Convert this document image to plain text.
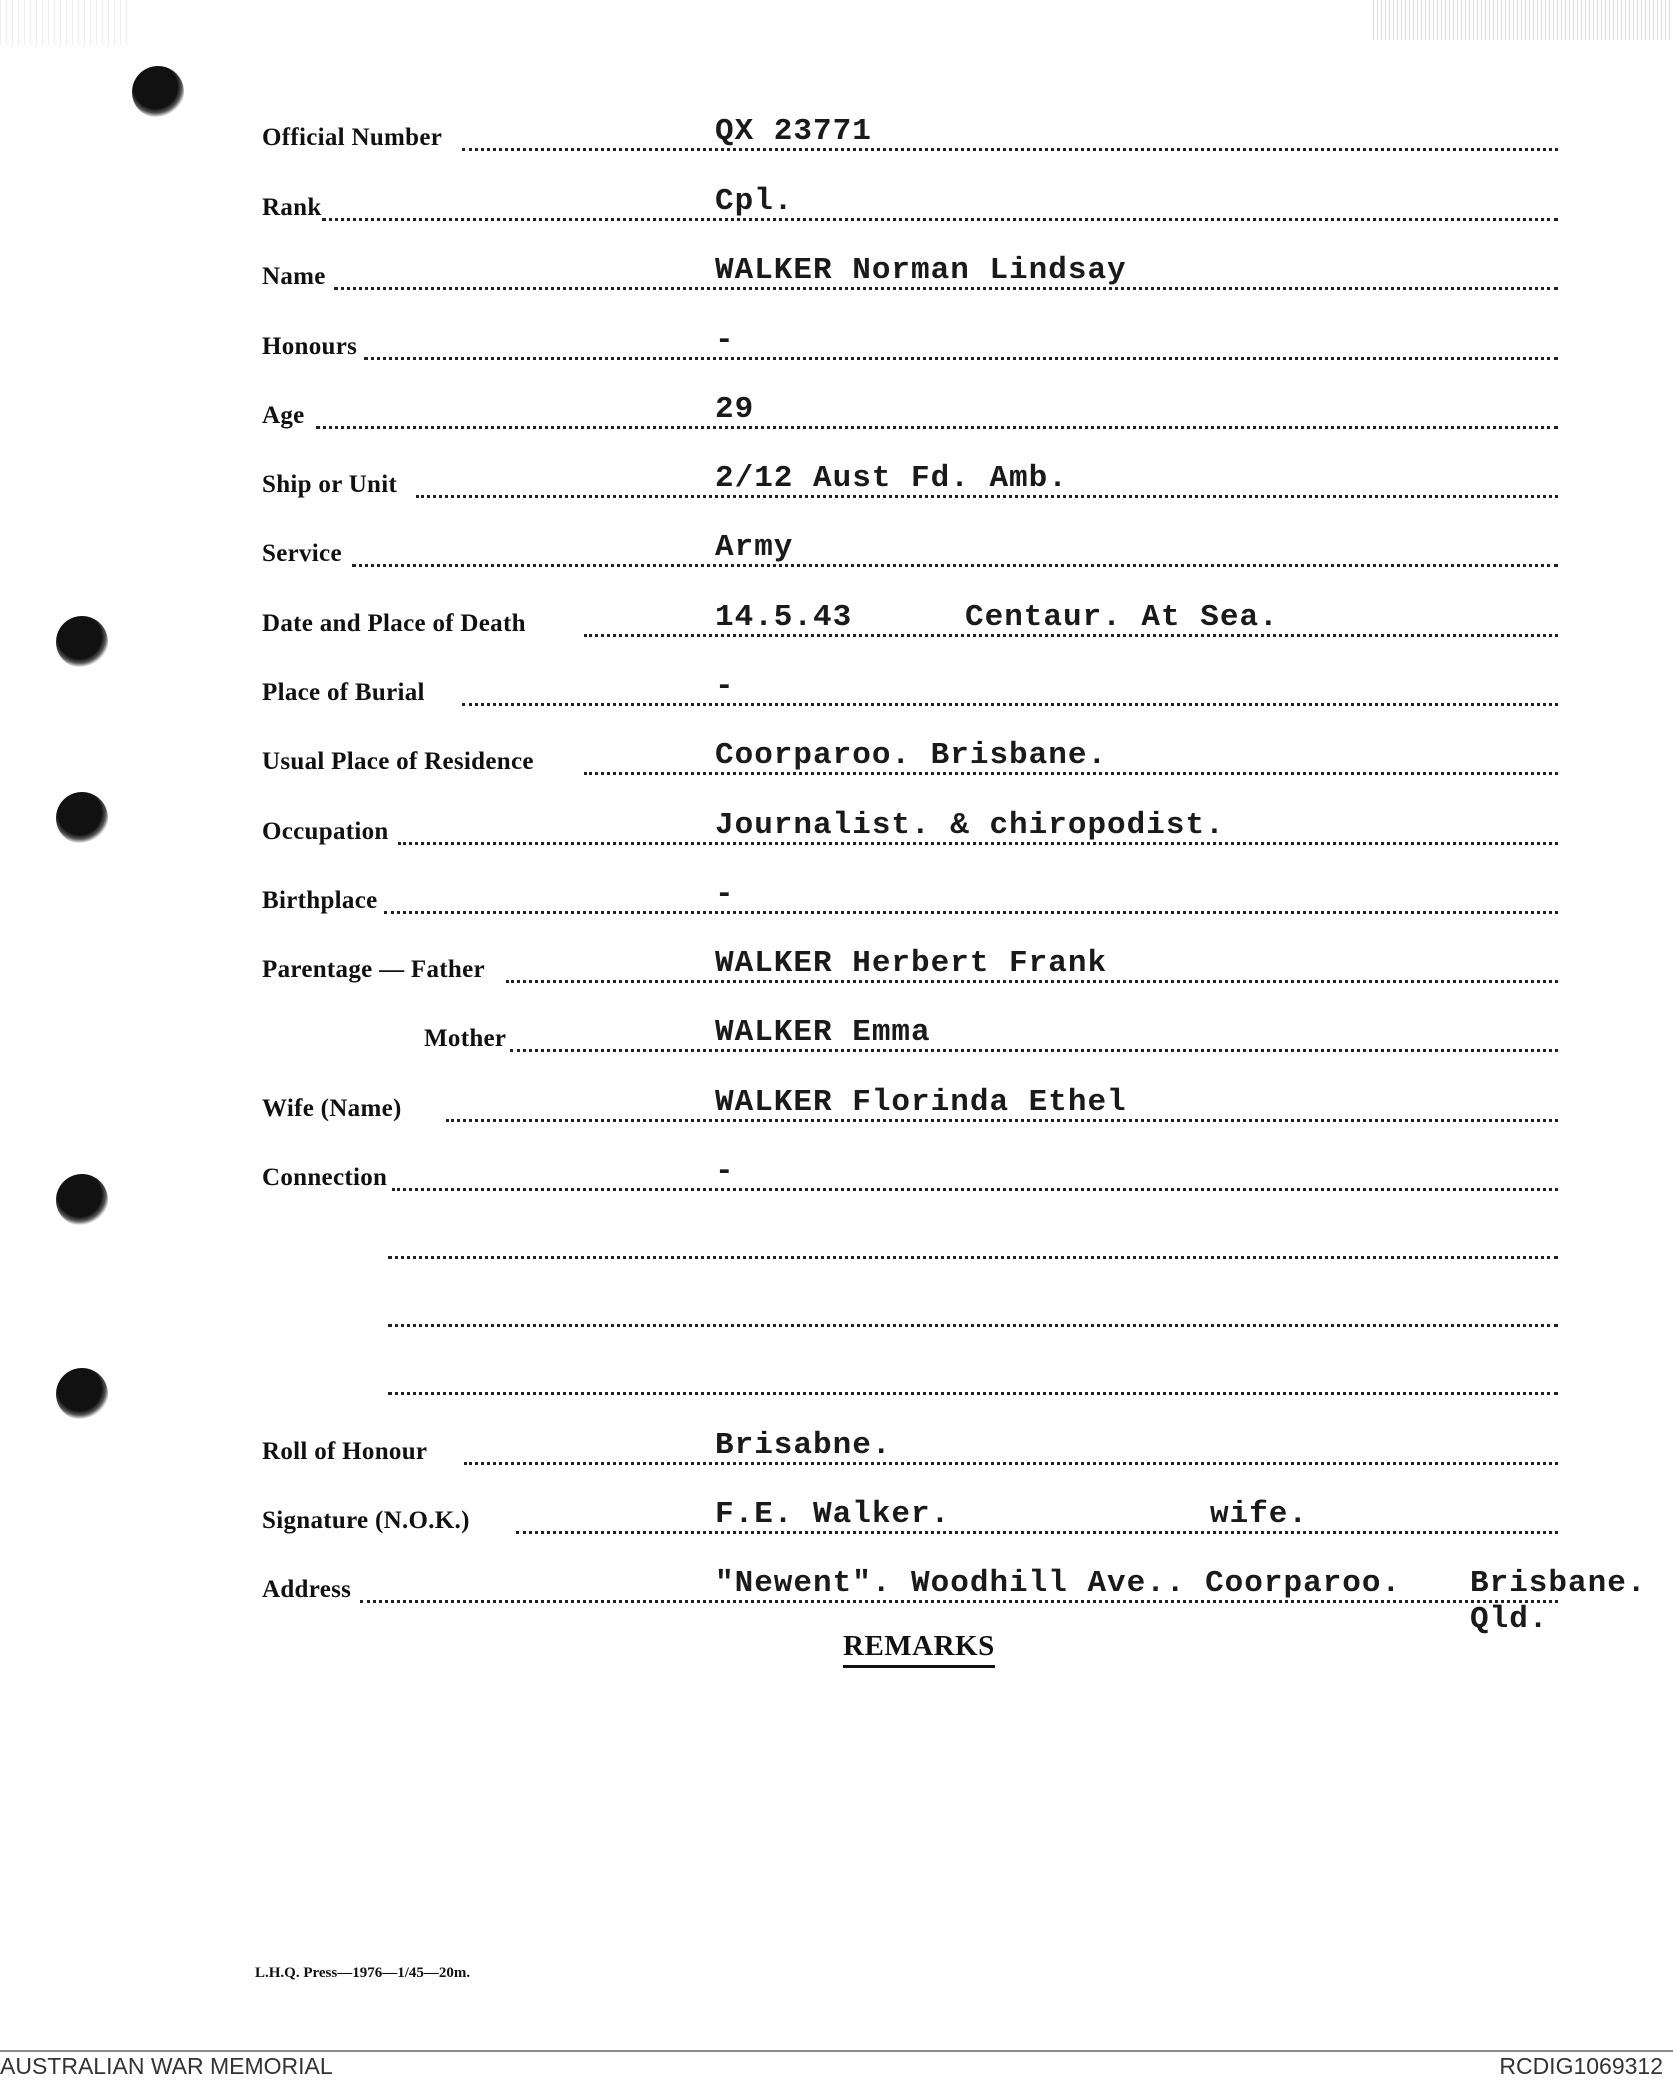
Official Number	QX 23771
Rank	Cpl.
Name	WALKER Norman Lindsay
Honours	-
Age	29
Ship or Unit	2/12 Aust Fd. Amb.
Service	Army
Date and Place of Death	14.5.43	Centaur. At Sea.
Place of Burial	-
Usual Place of Residence	Coorparoo. Brisbane.
Occupation	Journalist. & chiropodist.
Birthplace	-
Parentage — Father	WALKER Herbert Frank
Mother	WALKER Emma
Wife (Name)	WALKER Florinda Ethel
Connection	-
Roll of Honour	Brisabne.
Signature (N.O.K.)	F.E. Walker.	wife.
Address	"Newent". Woodhill Ave.. Coorparoo. Brisbane.
Qld.
REMARKS
L.H.Q. Press—1976—1/45—20m.
AUSTRALIAN WAR MEMORIAL	RCDIG1069312
